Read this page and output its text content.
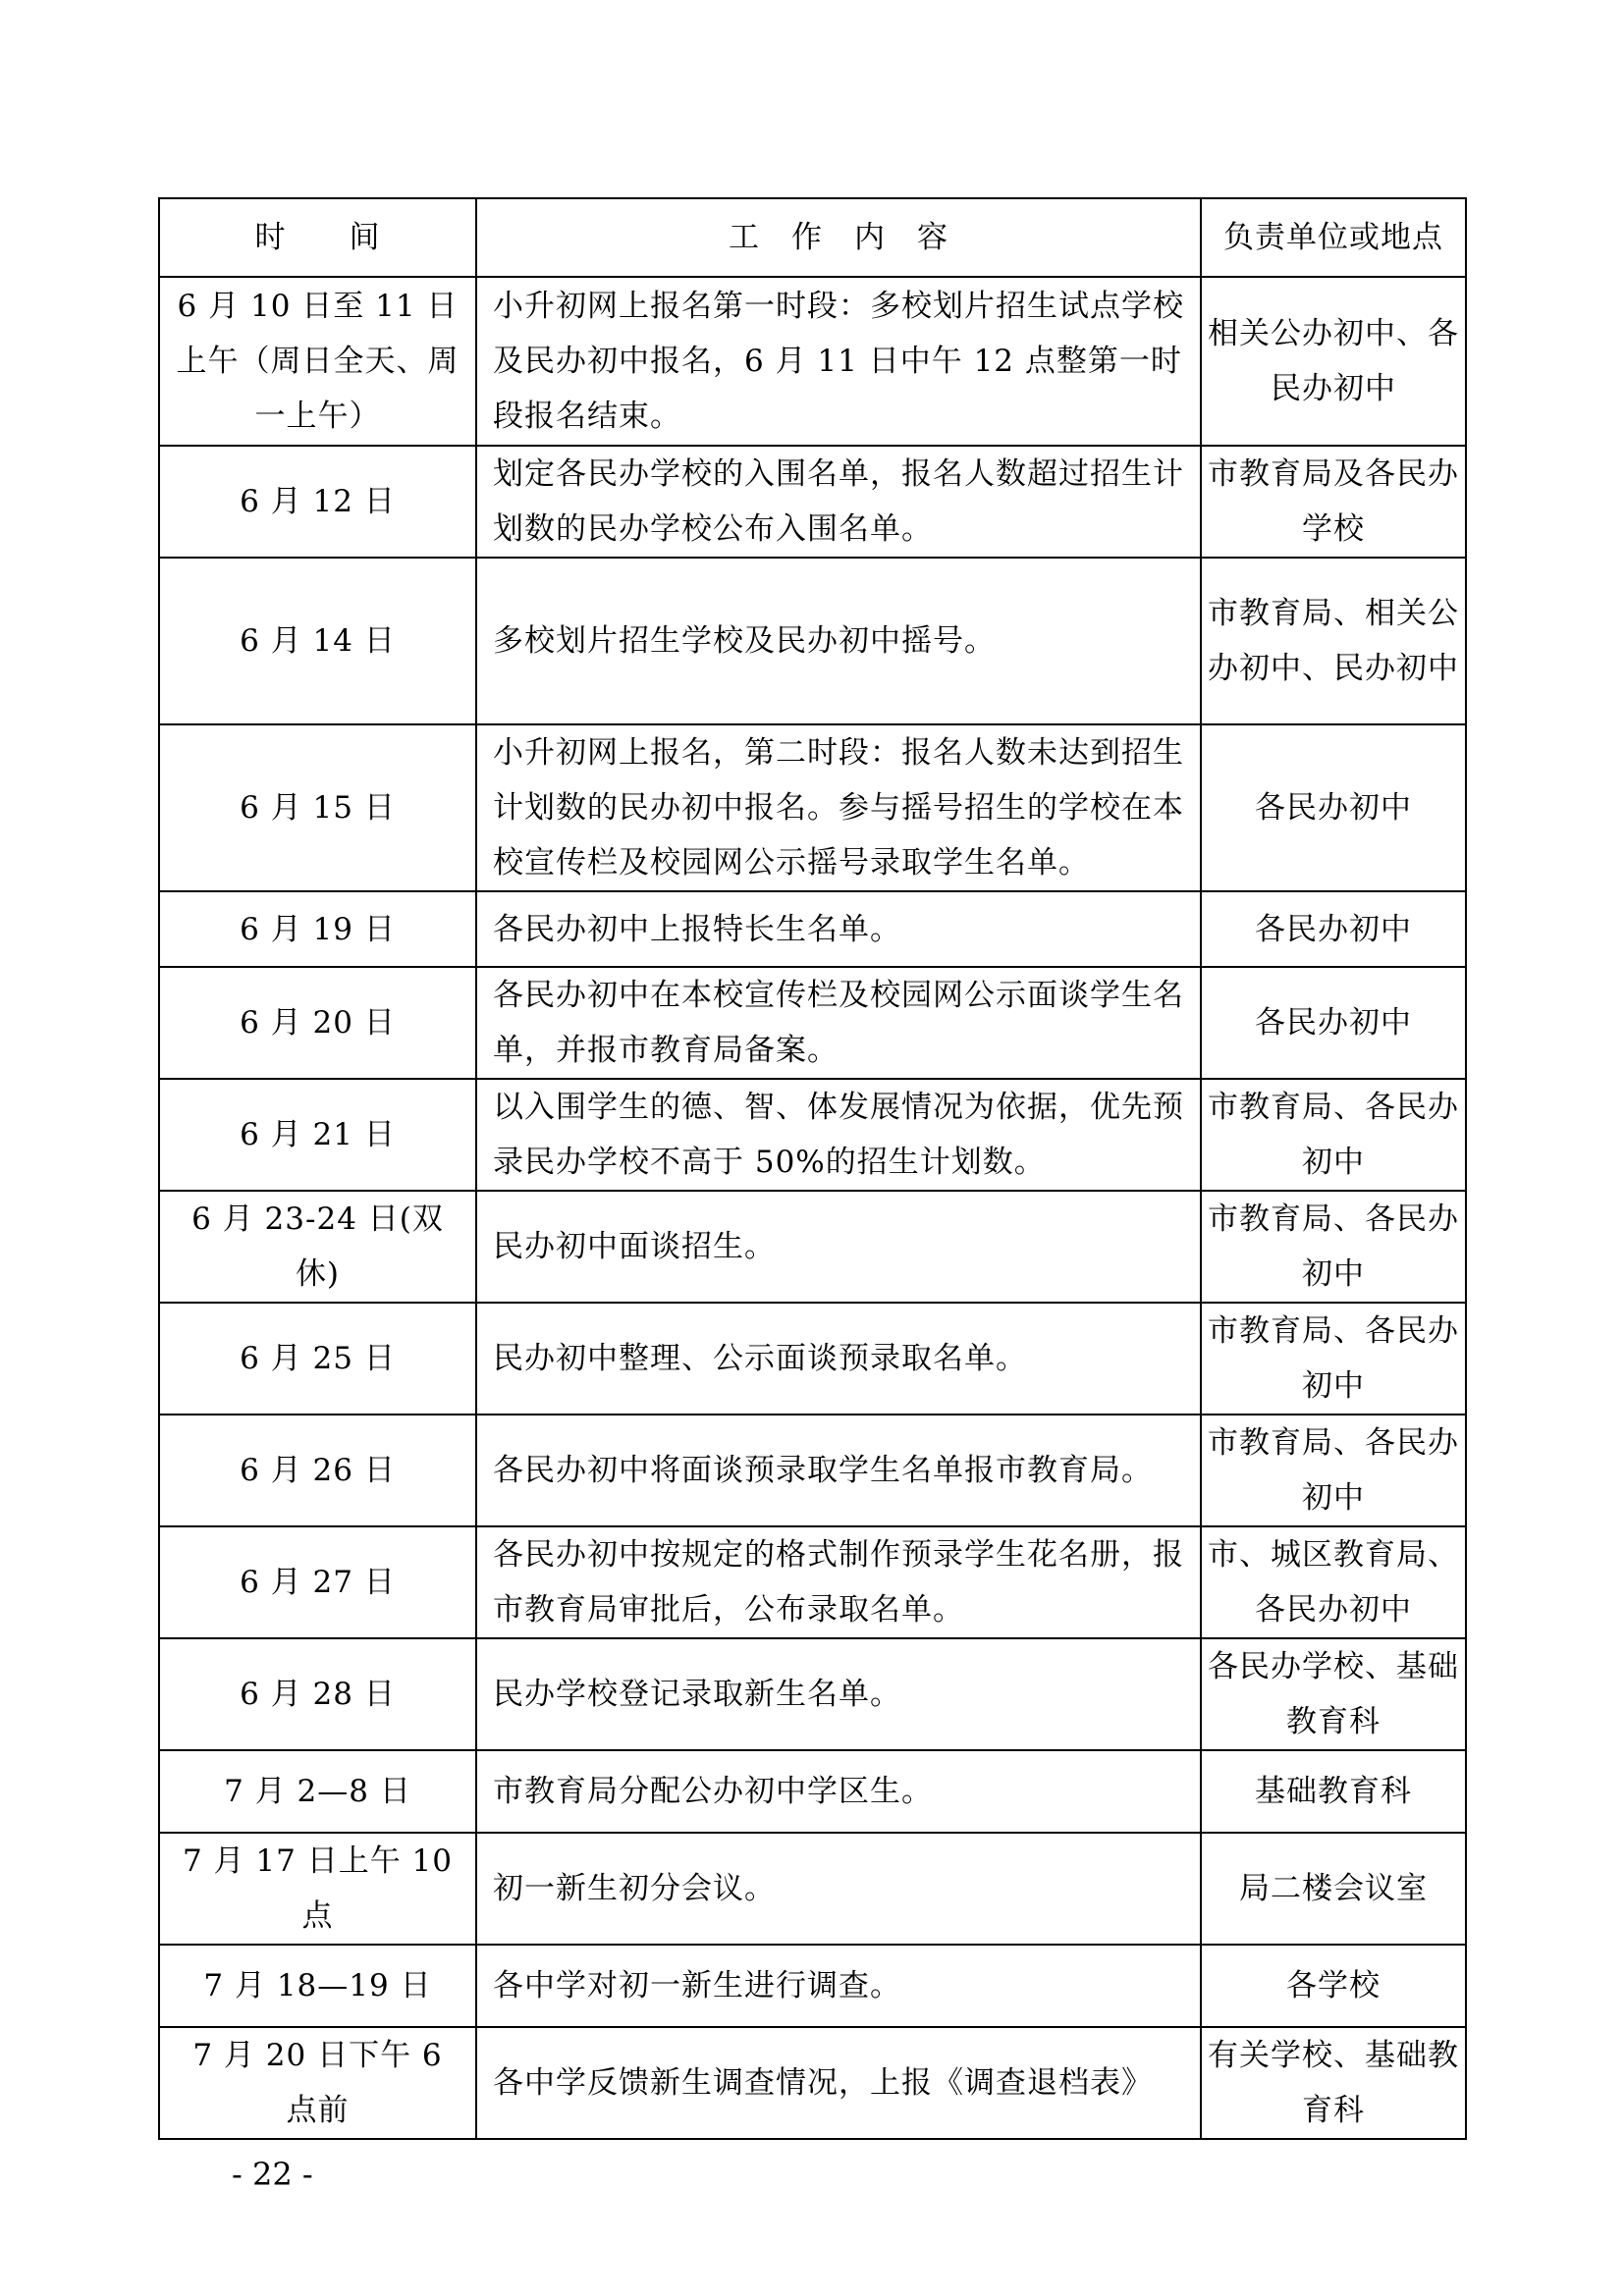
时　　间	工　作　内　容	负责单位或地点
6 月 10 日至 11 日上午（周日全天、周一上午）	小升初网上报名第一时段：多校划片招生试点学校及民办初中报名，6 月 11 日中午 12 点整第一时段报名结束。	相关公办初中、各民办初中
6 月 12 日	划定各民办学校的入围名单，报名人数超过招生计划数的民办学校公布入围名单。	市教育局及各民办学校
6 月 14 日	多校划片招生学校及民办初中摇号。	市教育局、相关公办初中、民办初中
6 月 15 日	小升初网上报名，第二时段：报名人数未达到招生计划数的民办初中报名。参与摇号招生的学校在本校宣传栏及校园网公示摇号录取学生名单。	各民办初中
6 月 19 日	各民办初中上报特长生名单。	各民办初中
6 月 20 日	各民办初中在本校宣传栏及校园网公示面谈学生名单，并报市教育局备案。	各民办初中
6 月 21 日	以入围学生的德、智、体发展情况为依据，优先预录民办学校不高于 50%的招生计划数。	市教育局、各民办初中
6 月 23-24 日(双休)	民办初中面谈招生。	市教育局、各民办初中
6 月 25 日	民办初中整理、公示面谈预录取名单。	市教育局、各民办初中
6 月 26 日	各民办初中将面谈预录取学生名单报市教育局。	市教育局、各民办初中
6 月 27 日	各民办初中按规定的格式制作预录学生花名册，报市教育局审批后，公布录取名单。	市、城区教育局、各民办初中
6 月 28 日	民办学校登记录取新生名单。	各民办学校、基础教育科
7 月 2—8 日	市教育局分配公办初中学区生。	基础教育科
7 月 17 日上午 10 点	初一新生初分会议。	局二楼会议室
7 月 18—19 日	各中学对初一新生进行调查。	各学校
7 月 20 日下午 6 点前	各中学反馈新生调查情况，上报《调查退档表》	有关学校、基础教育科
- 22 -
